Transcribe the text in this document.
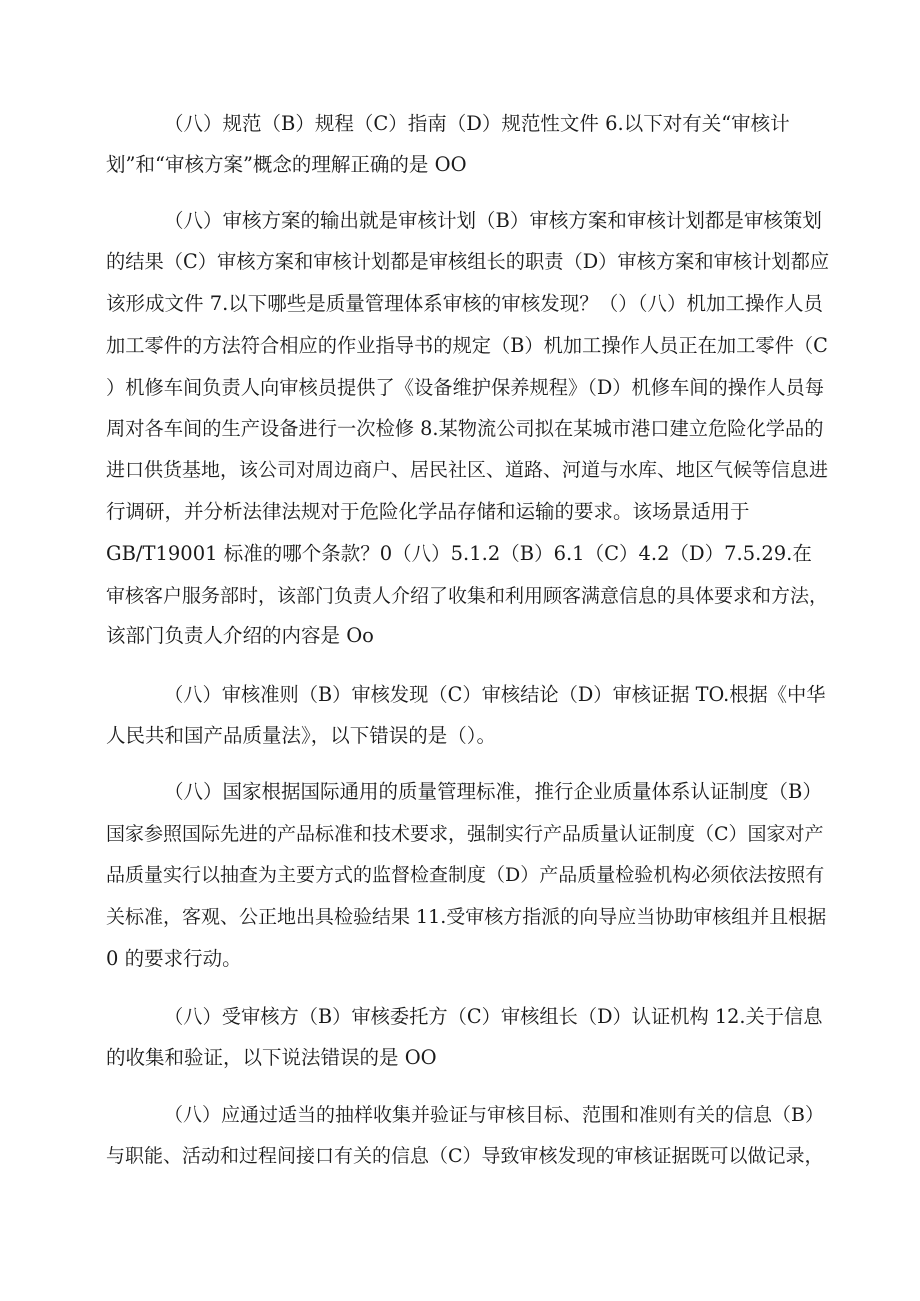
（八）规范（B）规程（C）指南（D）规范性文件 6.以下对有关“审核计
划”和“审核方案”概念的理解正确的是 OO
（八）审核方案的输出就是审核计划（B）审核方案和审核计划都是审核策划
的结果（C）审核方案和审核计划都是审核组长的职责（D）审核方案和审核计划都应
该形成文件 7.以下哪些是质量管理体系审核的审核发现？（）（八）机加工操作人员
加工零件的方法符合相应的作业指导书的规定（B）机加工操作人员正在加工零件（C
）机修车间负责人向审核员提供了《设备维护保养规程》（D）机修车间的操作人员每
周对各车间的生产设备进行一次检修 8.某物流公司拟在某城市港口建立危险化学品的
进口供货基地，该公司对周边商户、居民社区、道路、河道与水库、地区气候等信息进
行调研，并分析法律法规对于危险化学品存储和运输的要求。该场景适用于
GB/T19001 标准的哪个条款？0（八）5.1.2（B）6.1（C）4.2（D）7.5.29.在
审核客户服务部时，该部门负责人介绍了收集和利用顾客满意信息的具体要求和方法，
该部门负责人介绍的内容是 Oo
（八）审核准则（B）审核发现（C）审核结论（D）审核证据 TO.根据《中华
人民共和国产品质量法》，以下错误的是（）。
（八）国家根据国际通用的质量管理标准，推行企业质量体系认证制度（B）
国家参照国际先进的产品标准和技术要求，强制实行产品质量认证制度（C）国家对产
品质量实行以抽查为主要方式的监督检查制度（D）产品质量检验机构必须依法按照有
关标准，客观、公正地出具检验结果 11.受审核方指派的向导应当协助审核组并且根据
0 的要求行动。
（八）受审核方（B）审核委托方（C）审核组长（D）认证机构 12.关于信息
的收集和验证，以下说法错误的是 OO
（八）应通过适当的抽样收集并验证与审核目标、范围和准则有关的信息（B）
与职能、活动和过程间接口有关的信息（C）导致审核发现的审核证据既可以做记录，
